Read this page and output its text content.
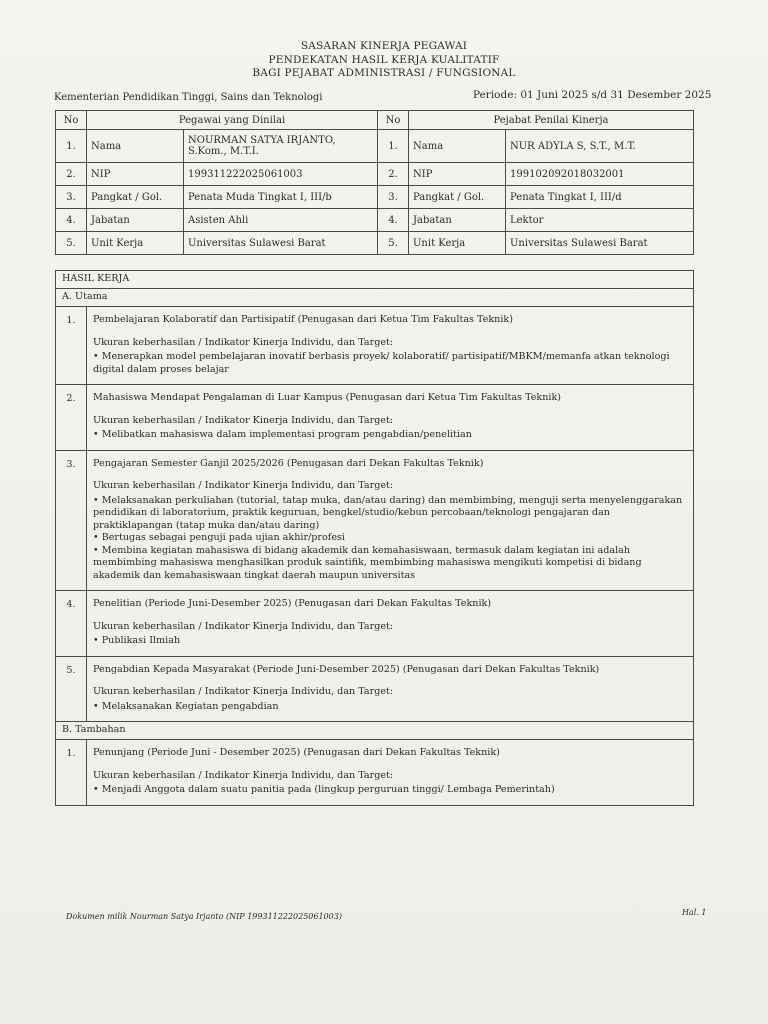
SASARAN KINERJA PEGAWAI
PENDEKATAN HASIL KERJA KUALITATIF
BAGI PEJABAT ADMINISTRASI / FUNGSIONAL
Kementerian Pendidikan Tinggi, Sains dan Teknologi	Periode: 01 Juni 2025 s/d 31 Desember 2025
No	Pegawai yang Dinilai		No	Pejabat Penilai Kinerja	
1.	Nama	NOURMAN SATYA IRJANTO, S.Kom., M.T.I.	1.	Nama	NUR ADYLA S, S.T., M.T.
2.	NIP	199311222025061003	2.	NIP	199102092018032001
3.	Pangkat / Gol.	Penata Muda Tingkat I, III/b	3.	Pangkat / Gol.	Penata Tingkat I, III/d
4.	Jabatan	Asisten Ahli	4.	Jabatan	Lektor
5.	Unit Kerja	Universitas Sulawesi Barat	5.	Unit Kerja	Universitas Sulawesi Barat
HASIL KERJA	
A. Utama	
1.	Pembelajaran Kolaboratif dan Partisipatif (Penugasan dari Ketua Tim Fakultas Teknik)
Ukuran keberhasilan / Indikator Kinerja Individu, dan Target:
• Menerapkan model pembelajaran inovatif berbasis proyek/ kolaboratif/ partisipatif/MBKM/memanfa atkan teknologi digital dalam proses belajar

2.	Mahasiswa Mendapat Pengalaman di Luar Kampus (Penugasan dari Ketua Tim Fakultas Teknik)
Ukuran keberhasilan / Indikator Kinerja Individu, dan Target:
• Melibatkan mahasiswa dalam implementasi program pengabdian/penelitian

3.	Pengajaran Semester Ganjil 2025/2026 (Penugasan dari Dekan Fakultas Teknik)
Ukuran keberhasilan / Indikator Kinerja Individu, dan Target:
• Melaksanakan perkuliahan (tutorial, tatap muka, dan/atau daring) dan membimbing, menguji serta menyelenggarakan pendidikan di laboratorium, praktik keguruan, bengkel/studio/kebun percobaan/teknologi pengajaran dan praktiklapangan (tatap muka dan/atau daring)
• Bertugas sebagai penguji pada ujian akhir/profesi
• Membina kegiatan mahasiswa di bidang akademik dan kemahasiswaan, termasuk dalam kegiatan ini adalah membimbing mahasiswa menghasilkan produk saintifik, membimbing mahasiswa mengikuti kompetisi di bidang akademik dan kemahasiswaan tingkat daerah maupun universitas

4.	Penelitian (Periode Juni-Desember 2025) (Penugasan dari Dekan Fakultas Teknik)
Ukuran keberhasilan / Indikator Kinerja Individu, dan Target:
• Publikasi Ilmiah

5.	Pengabdian Kepada Masyarakat (Periode Juni-Desember 2025) (Penugasan dari Dekan Fakultas Teknik)
Ukuran keberhasilan / Indikator Kinerja Individu, dan Target:
• Melaksanakan Kegiatan pengabdian

B. Tambahan	
1.	Penunjang (Periode Juni - Desember 2025) (Penugasan dari Dekan Fakultas Teknik)
Ukuran keberhasilan / Indikator Kinerja Individu, dan Target:
• Menjadi Anggota dalam suatu panitia pada (lingkup perguruan tinggi/ Lembaga Pemerintah)
Dokumen milik Nourman Satya Irjanto (NIP 199311222025061003)	Hal. 1
